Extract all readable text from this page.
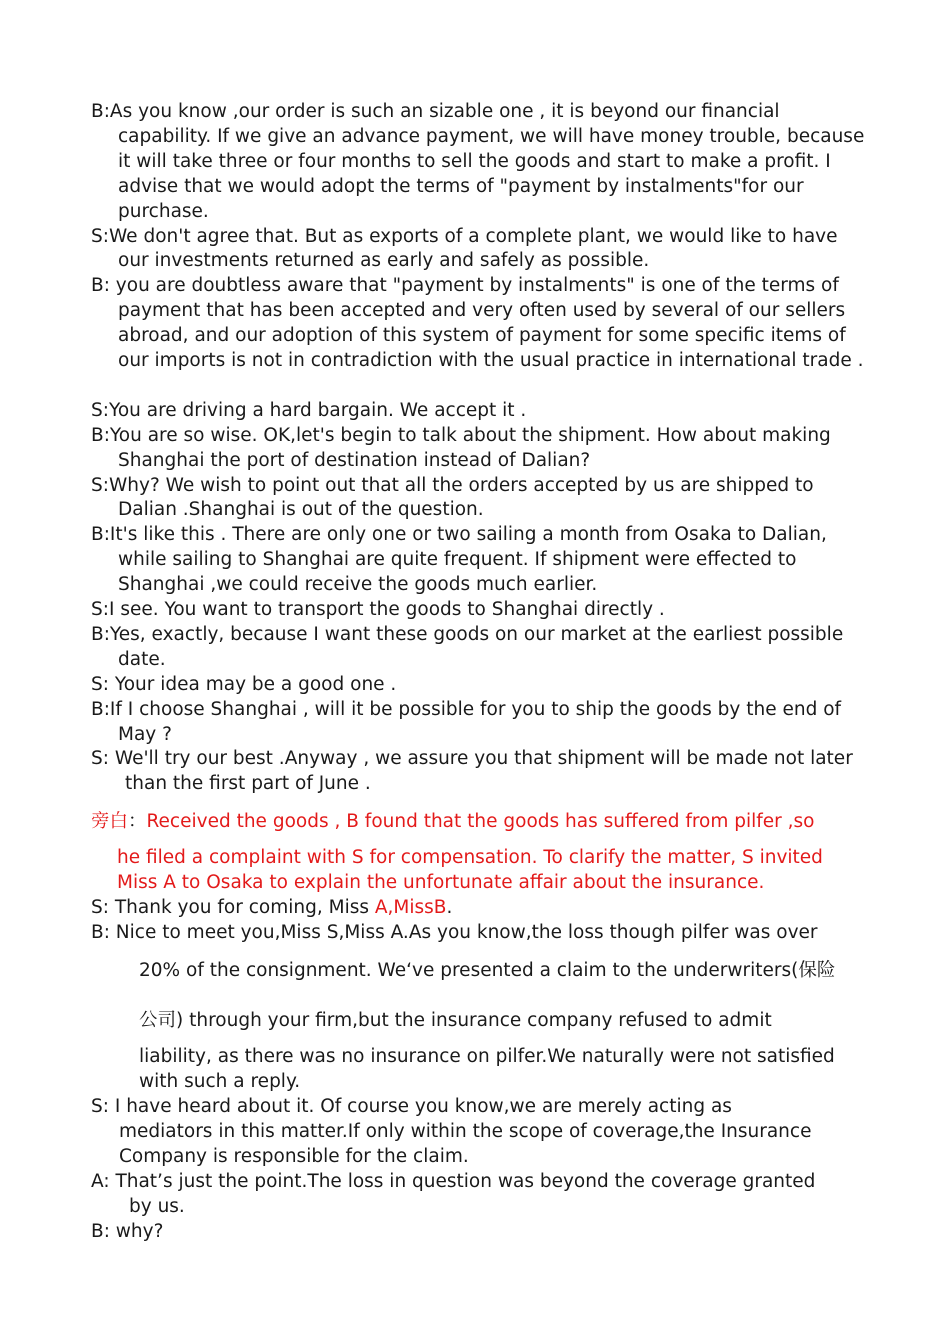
B:As you know ,our order is such an sizable one , it is beyond our financial capability. If we give an advance payment, we will have money trouble, because it will take three or four months to sell the goods and start to make a profit. I advise that we would adopt the terms of "payment by instalments"for our purchase.

S:We don't agree that. But as exports of a complete plant, we would like to have our investments returned as early and safely as possible.

B: you are doubtless aware that "payment by instalments" is one of the terms of payment that has been accepted and very often used by several of our sellers abroad, and our adoption of this system of payment for some specific items of our imports is not in contradiction with the usual practice in international trade .

S:You are driving a hard bargain. We accept it .

B:You are so wise. OK,let's begin to talk about the shipment. How about making Shanghai the port of destination instead of Dalian?

S:Why? We wish to point out that all the orders accepted by us are shipped to Dalian .Shanghai is out of the question.

B:It's like this . There are only one or two sailing a month from Osaka to Dalian, while sailing to Shanghai are quite frequent. If shipment were effected to Shanghai ,we could receive the goods much earlier.

S:I see. You want to transport the goods to Shanghai directly .

B:Yes, exactly, because I want these goods on our market at the earliest possible date.

S: Your idea may be a good one .

B:If I choose Shanghai , will it be possible for you to ship the goods by the end of May ?

S: We'll try our best .Anyway , we assure you that shipment will be made not later than the first part of June .

旁白：Received the goods , B found that the goods has suffered from pilfer ,so

he filed a complaint with S for compensation. To clarify the matter, S invited

Miss A to Osaka to explain the unfortunate affair about the insurance.

S: Thank you for coming, Miss A,MissB.

B: Nice to meet you,Miss S,Miss A.As you know,the loss though pilfer was over

20% of the consignment. We‘ve presented a claim to the underwriters(保险

公司) through your firm,but the insurance company refused to admit

liability, as there was no insurance on pilfer.We naturally were not satisfied

with such a reply.

S: I have heard about it. Of course you know,we are merely acting as

mediators in this matter.If only within the scope of coverage,the Insurance

Company is responsible for the claim.

A: That’s just the point.The loss in question was beyond the coverage granted

by us.

B: why?
